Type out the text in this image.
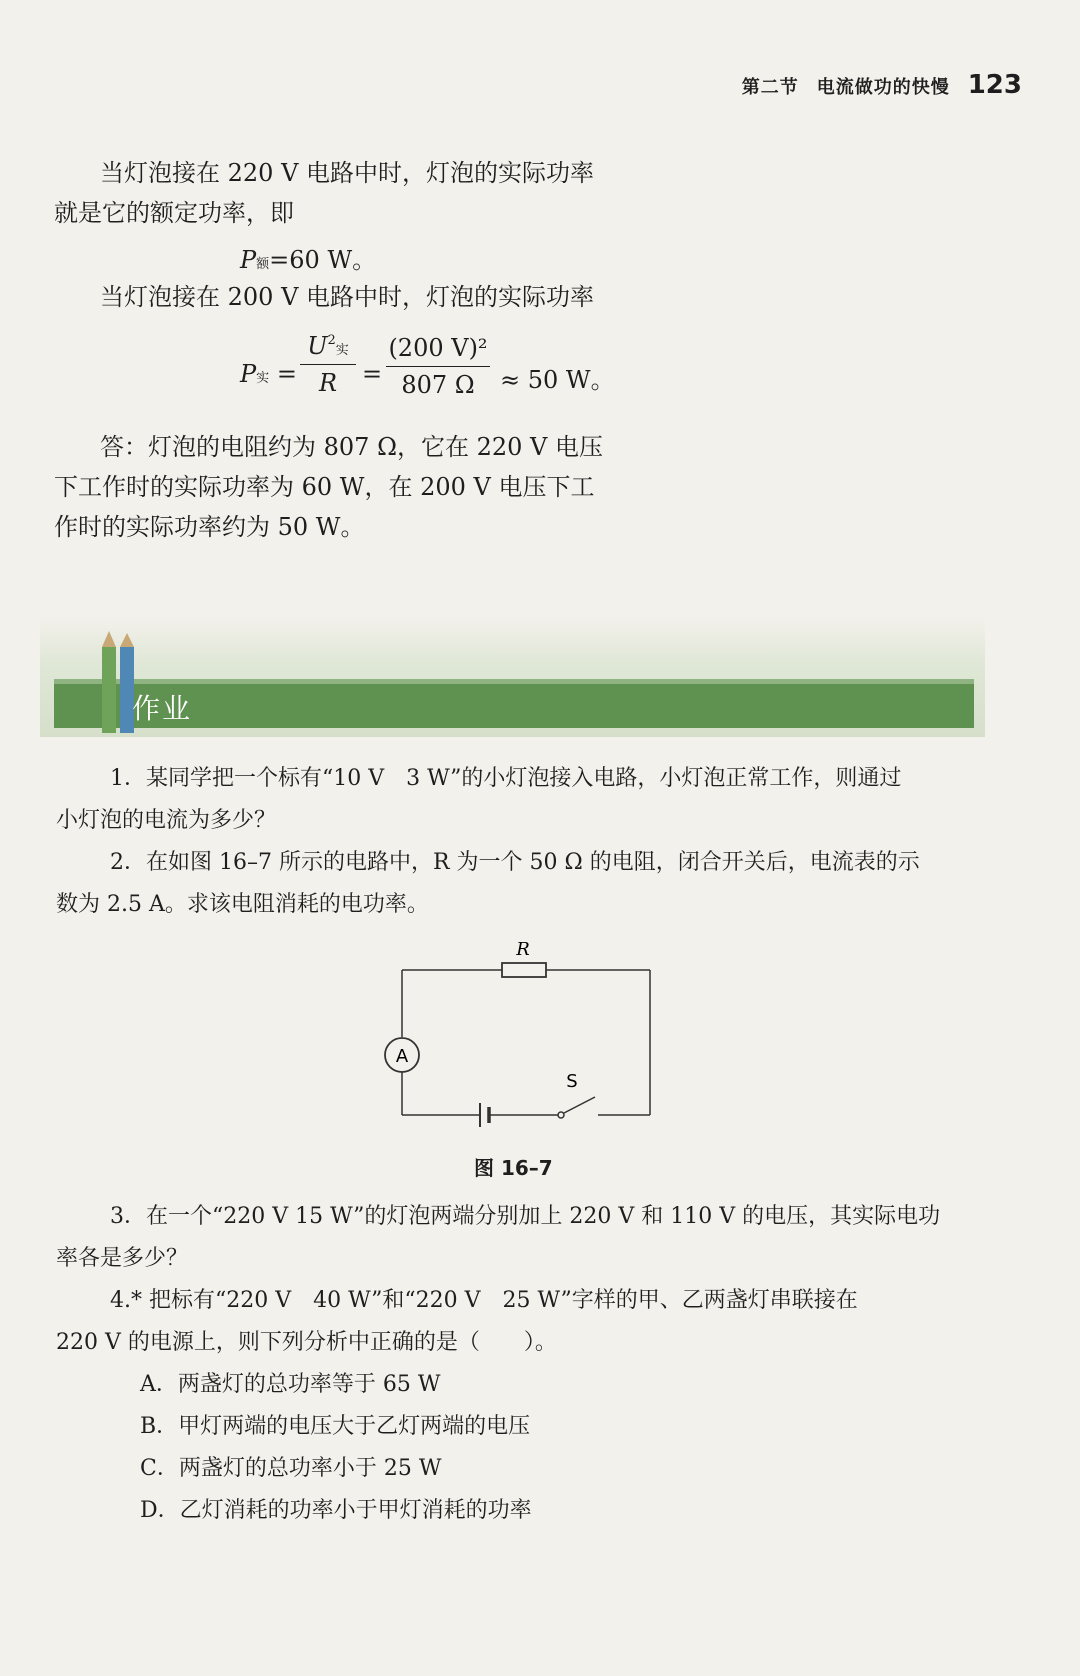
第二节 电流做功的快慢 123
当灯泡接在 220 V 电路中时，灯泡的实际功率
就是它的额定功率，即
P额=60 W。
当灯泡接在 200 V 电路中时，灯泡的实际功率
P实 =
$U^2$实
R	=
(200 V)²
807 Ω	≈ 50 W。
答：灯泡的电阻约为 807 Ω，它在 220 V 电压
下工作时的实际功率为 60 W，在 200 V 电压下工
作时的实际功率约为 50 W。
作业
1．某同学把一个标有“10 V　3 W”的小灯泡接入电路，小灯泡正常工作，则通过
小灯泡的电流为多少？
2．在如图 16–7 所示的电路中，R 为一个 50 Ω 的电阻，闭合开关后，电流表的示
数为 2.5 A。求该电阻消耗的电功率。
R
A
S
图 16–7
3．在一个“220 V 15 W”的灯泡两端分别加上 220 V 和 110 V 的电压，其实际电功
率各是多少？
4.* 把标有“220 V　40 W”和“220 V　25 W”字样的甲、乙两盏灯串联接在
220 V 的电源上，则下列分析中正确的是（　　）。
A．两盏灯的总功率等于 65 W
B．甲灯两端的电压大于乙灯两端的电压
C．两盏灯的总功率小于 25 W
D．乙灯消耗的功率小于甲灯消耗的功率
